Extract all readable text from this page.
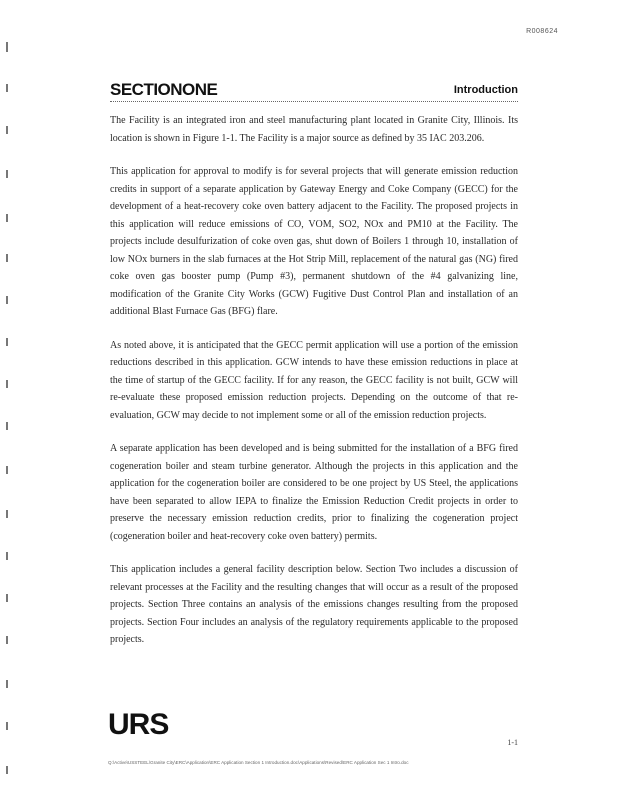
R008624
SECTIONONE	Introduction

The Facility is an integrated iron and steel manufacturing plant located in Granite City, Illinois. Its location is shown in Figure 1-1. The Facility is a major source as defined by 35 IAC 203.206.

This application for approval to modify is for several projects that will generate emission reduction credits in support of a separate application by Gateway Energy and Coke Company (GECC) for the development of a heat-recovery coke oven battery adjacent to the Facility. The proposed projects in this application will reduce emissions of CO, VOM, SO2, NOx and PM10 at the Facility. The projects include desulfurization of coke oven gas, shut down of Boilers 1 through 10, installation of low NOx burners in the slab furnaces at the Hot Strip Mill, replacement of the natural gas (NG) fired coke oven gas booster pump (Pump #3), permanent shutdown of the #4 galvanizing line, modification of the Granite City Works (GCW) Fugitive Dust Control Plan and installation of an additional Blast Furnace Gas (BFG) flare.

As noted above, it is anticipated that the GECC permit application will use a portion of the emission reductions described in this application. GCW intends to have these emission reductions in place at the time of startup of the GECC facility. If for any reason, the GECC facility is not built, GCW will re-evaluate these proposed emission reduction projects. Depending on the outcome of that re-evaluation, GCW may decide to not implement some or all of the emission reduction projects.

A separate application has been developed and is being submitted for the installation of a BFG fired cogeneration boiler and steam turbine generator. Although the projects in this application and the application for the cogeneration boiler are considered to be one project by US Steel, the applications have been separated to allow IEPA to finalize the Emission Reduction Credit projects in order to preserve the necessary emission reduction credits, prior to finalizing the cogeneration project (cogeneration boiler and heat-recovery coke oven battery) permits.

This application includes a general facility description below. Section Two includes a discussion of relevant processes at the Facility and the resulting changes that will occur as a result of the proposed projects. Section Three contains an analysis of the emissions changes resulting from the proposed projects. Section Four includes an analysis of the regulatory requirements applicable to the proposed projects.

URS
1-1
Q:\Active\USSTEEL\Granite City\ERC\Application\ERC Application Section 1 Introduction.doc\Applications\Revised\ERC Application Sec 1 Intro.doc
